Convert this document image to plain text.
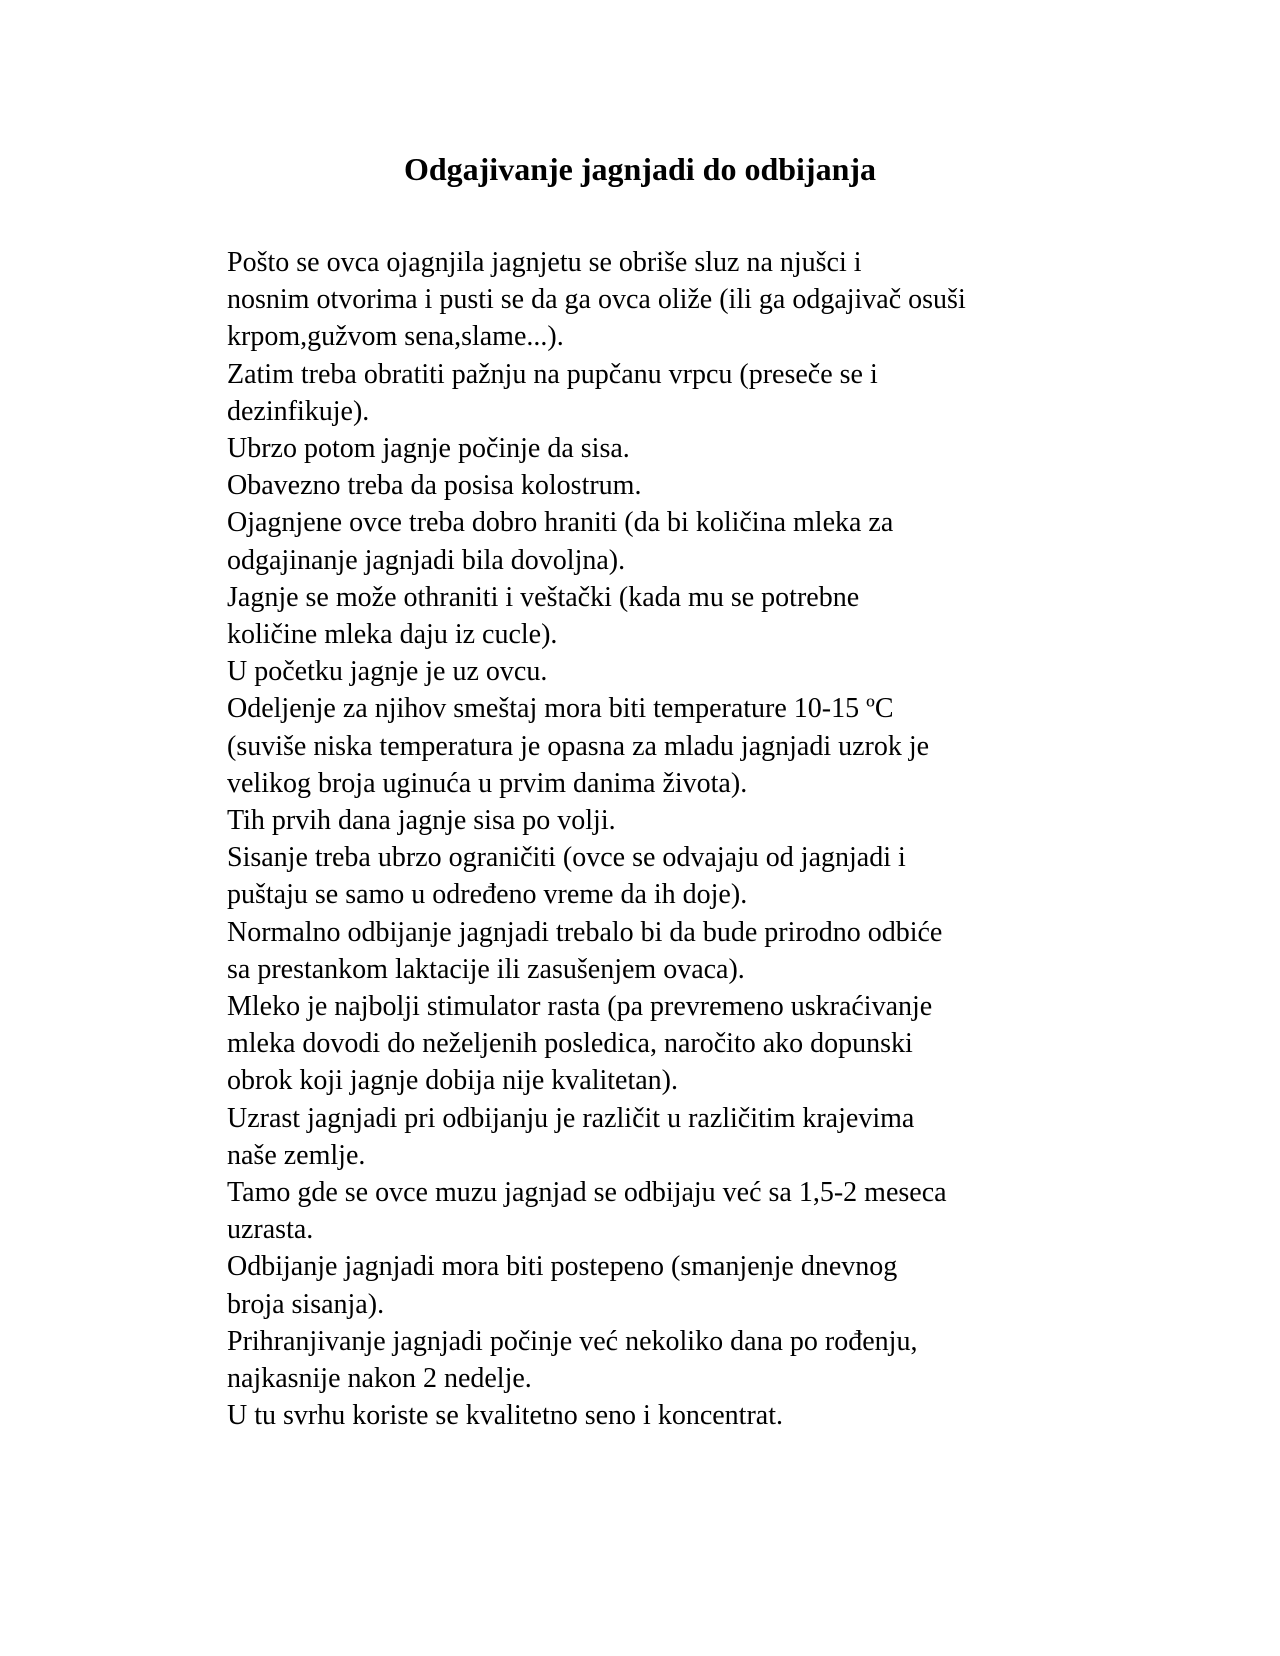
Odgajivanje jagnjadi do odbijanja

Pošto se ovca ojagnjila jagnjetu se obriše sluz na njušci i
nosnim otvorima i pusti se da ga ovca oliže (ili ga odgajivač osuši
krpom,gužvom sena,slame...).

Zatim treba obratiti pažnju na pupčanu vrpcu (preseče se i
dezinfikuje).

Ubrzo potom jagnje počinje da sisa.

Obavezno treba da posisa kolostrum.

Ojagnjene ovce treba dobro hraniti (da bi količina mleka za
odgajinanje jagnjadi bila dovoljna).

Jagnje se može othraniti i veštački (kada mu se potrebne
količine mleka daju iz cucle).

U početku jagnje je uz ovcu.

Odeljenje za njihov smeštaj mora biti temperature 10-15 ºC
(suviše niska temperatura je opasna za mladu jagnjadi uzrok je
velikog broja uginuća u prvim danima života).

Tih prvih dana jagnje sisa po volji.

Sisanje treba ubrzo ograničiti (ovce se odvajaju od jagnjadi i
puštaju se samo u određeno vreme da ih doje).

Normalno odbijanje jagnjadi trebalo bi da bude prirodno odbiće
sa prestankom laktacije ili zasušenjem ovaca).

Mleko je najbolji stimulator rasta (pa prevremeno uskraćivanje
mleka dovodi do neželjenih posledica, naročito ako dopunski
obrok koji jagnje dobija nije kvalitetan).

Uzrast jagnjadi pri odbijanju je različit u različitim krajevima
naše zemlje.

Tamo gde se ovce muzu jagnjad se odbijaju već sa 1,5-2 meseca
uzrasta.

Odbijanje jagnjadi mora biti postepeno (smanjenje dnevnog
broja sisanja).

Prihranjivanje jagnjadi počinje već nekoliko dana po rođenju,
najkasnije nakon 2 nedelje.

U tu svrhu koriste se kvalitetno seno i koncentrat.
